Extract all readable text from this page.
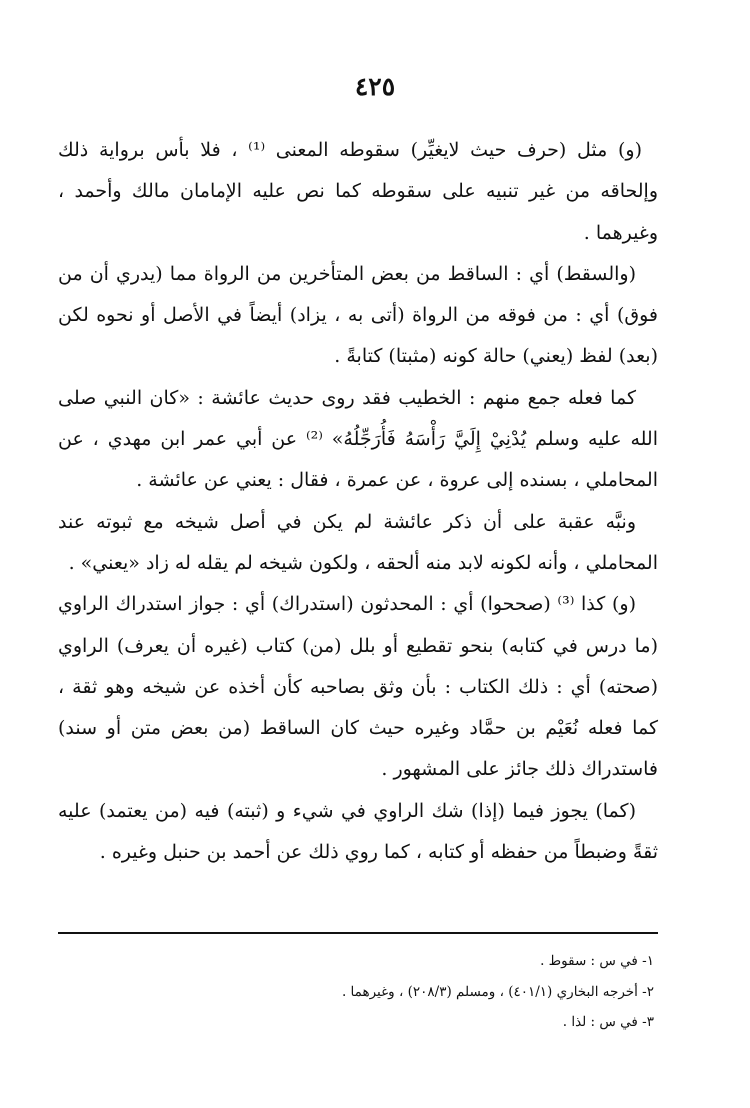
٤٢٥

(و) مثل (حرف حيث لايغيِّر) سقوطه المعنى ⁽¹⁾ ، فلا بأس برواية ذلك وإلحاقه من غير تنبيه على سقوطه كما نص عليه الإمامان مالك وأحمد ، وغيرهما .

(والسقط) أي : الساقط من بعض المتأخرين من الرواة مما (يدري أن من فوق) أي : من فوقه من الرواة (أتى به ، يزاد) أيضاً في الأصل أو نحوه لكن (بعد) لفظ (يعني) حالة كونه (مثبتا) كتابةً .

كما فعله جمع منهم : الخطيب فقد روى حديث عائشة : «كان النبي صلى الله عليه وسلم يُدْنِيْ إِلَيَّ رَأْسَهُ فَأُرَجِّلُهُ» ⁽²⁾ عن أبي عمر ابن مهدي ، عن المحاملي ، بسنده إلى عروة ، عن عمرة ، فقال : يعني عن عائشة .

ونبَّه عقبة على أن ذكر عائشة لم يكن في أصل شيخه مع ثبوته عند المحاملي ، وأنه لكونه لابد منه ألحقه ، ولكون شيخه لم يقله له زاد «يعني» .

(و) كذا ⁽³⁾ (صححوا) أي : المحدثون (استدراك) أي : جواز استدراك الراوي (ما درس في كتابه) بنحو تقطيع أو بلل (من) كتاب (غيره أن يعرف) الراوي (صحته) أي : ذلك الكتاب : بأن وثق بصاحبه كأن أخذه عن شيخه وهو ثقة ، كما فعله نُعَيْم بن حمَّاد وغيره حيث كان الساقط (من بعض متن أو سند) فاستدراك ذلك جائز على المشهور .

(كما) يجوز فيما (إذا) شك الراوي في شيء و (ثبته) فيه (من يعتمد) عليه ثقةً وضبطاً من حفظه أو كتابه ، كما روي ذلك عن أحمد بن حنبل وغيره .

١- في س : سقوط .

٢- أخرجه البخاري (٤٠١/١) ، ومسلم (٢٠٨/٣) ، وغيرهما .

٣- في س : لذا .
